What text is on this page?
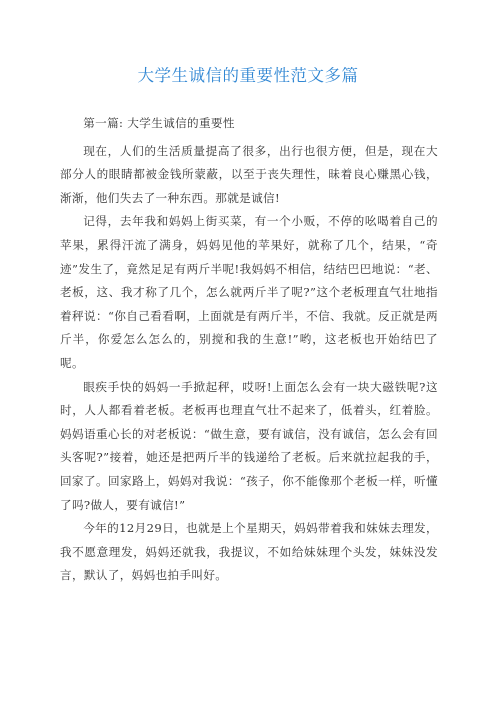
大学生诚信的重要性范文多篇

第一篇: 大学生诚信的重要性

现在，人们的生活质量提高了很多，出行也很方便，但是，现在大部分人的眼睛都被金钱所蒙蔽，以至于丧失理性，昧着良心赚黑心钱，渐渐，他们失去了一种东西。那就是诚信!

记得，去年我和妈妈上街买菜，有一个小贩，不停的吆喝着自己的苹果，累得汗流了满身，妈妈见他的苹果好，就称了几个，结果，“奇迹”发生了，竟然足足有两斤半呢!我妈妈不相信，结结巴巴地说：“老、老板，这、我才称了几个，怎么就两斤半了呢?”这个老板理直气壮地指着秤说：“你自己看看啊，上面就是有两斤半，不信、我就。反正就是两斤半，你爱怎么怎么的，别搅和我的生意!”哟，这老板也开始结巴了呢。

眼疾手快的妈妈一手掀起秤，哎呀!上面怎么会有一块大磁铁呢?这时，人人都看着老板。老板再也理直气壮不起来了，低着头，红着脸。妈妈语重心长的对老板说：“做生意，要有诚信，没有诚信，怎么会有回头客呢?”接着，她还是把两斤半的钱递给了老板。后来就拉起我的手，回家了。回家路上，妈妈对我说：“孩子，你不能像那个老板一样，听懂了吗?做人，要有诚信!”

今年的12月29日，也就是上个星期天，妈妈带着我和妹妹去理发，我不愿意理发，妈妈还就我，我提议，不如给妹妹理个头发，妹妹没发言，默认了，妈妈也拍手叫好。
